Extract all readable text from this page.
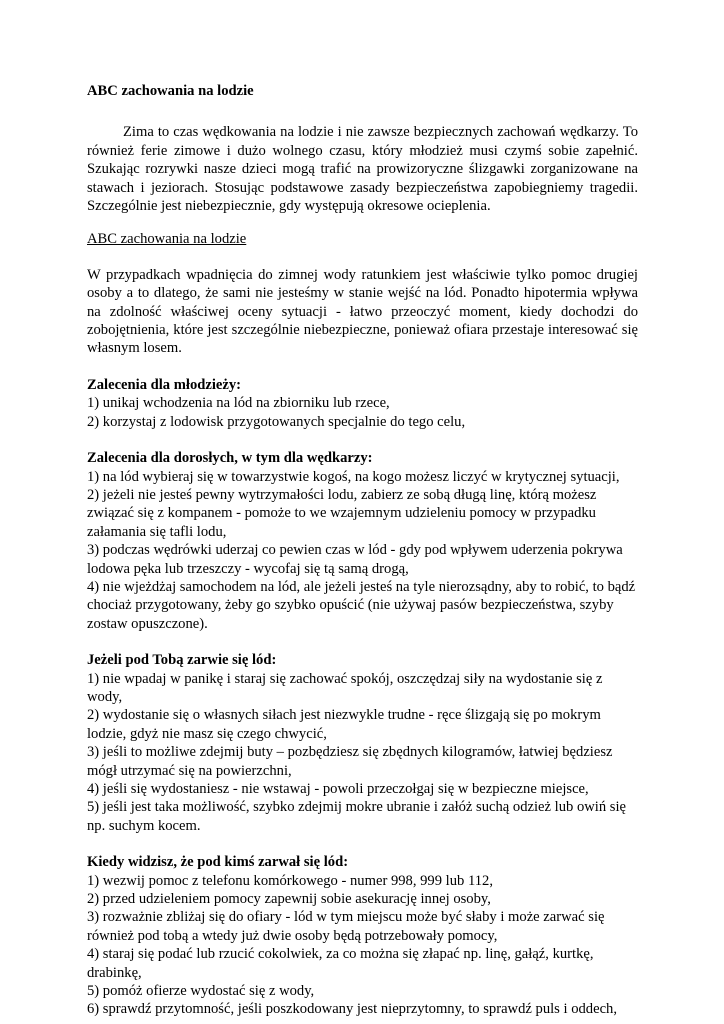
ABC zachowania na lodzie

Zima to czas wędkowania na lodzie i nie zawsze bezpiecznych zachowań wędkarzy. To również ferie zimowe i dużo wolnego czasu, który młodzież musi czymś sobie zapełnić. Szukając rozrywki nasze dzieci mogą trafić na prowizoryczne ślizgawki zorganizowane na stawach i jeziorach. Stosując podstawowe zasady bezpieczeństwa zapobiegniemy tragedii. Szczególnie jest niebezpiecznie, gdy występują okresowe ocieplenia.

ABC zachowania na lodzie

W przypadkach wpadnięcia do zimnej wody ratunkiem jest właściwie tylko pomoc drugiej osoby a to dlatego, że sami nie jesteśmy w stanie wejść na lód. Ponadto hipotermia wpływa na zdolność właściwej oceny sytuacji - łatwo przeoczyć moment, kiedy dochodzi do zobojętnienia, które jest szczególnie niebezpieczne, ponieważ ofiara przestaje interesować się własnym losem.

Zalecenia dla młodzieży:

1) unikaj wchodzenia na lód na zbiorniku lub rzece,

2) korzystaj z lodowisk przygotowanych specjalnie do tego celu,

Zalecenia dla dorosłych, w tym dla wędkarzy:

1) na lód wybieraj się w towarzystwie kogoś, na kogo możesz liczyć w krytycznej sytuacji,

2) jeżeli nie jesteś pewny wytrzymałości lodu, zabierz ze sobą długą linę, którą możesz

związać się z kompanem - pomoże to we wzajemnym udzieleniu pomocy w przypadku

załamania się tafli lodu,

3) podczas wędrówki uderzaj co pewien czas w lód - gdy pod wpływem uderzenia pokrywa

lodowa pęka lub trzeszczy - wycofaj się tą samą drogą,

4) nie wjeżdżaj samochodem na lód, ale jeżeli jesteś na tyle nierozsądny, aby to robić, to bądź

chociaż przygotowany, żeby go szybko opuścić (nie używaj pasów bezpieczeństwa, szyby

zostaw opuszczone).

Jeżeli pod Tobą zarwie się lód:

1) nie wpadaj w panikę i staraj się zachować spokój, oszczędzaj siły na wydostanie się z

wody,

2) wydostanie się o własnych siłach jest niezwykle trudne - ręce ślizgają się po mokrym

lodzie, gdyż nie masz się czego chwycić,

3) jeśli to możliwe zdejmij buty – pozbędziesz się zbędnych kilogramów, łatwiej będziesz

mógł utrzymać się na powierzchni,

4) jeśli się wydostaniesz - nie wstawaj - powoli przeczołgaj się w bezpieczne miejsce,

5) jeśli jest taka możliwość, szybko zdejmij mokre ubranie i załóż suchą odzież lub owiń się

np. suchym kocem.

Kiedy widzisz, że pod kimś zarwał się lód:

1) wezwij pomoc z telefonu komórkowego - numer 998, 999 lub 112,

2) przed udzieleniem pomocy zapewnij sobie asekurację innej osoby,

3) rozważnie zbliżaj się do ofiary - lód w tym miejscu może być słaby i może zarwać się

również pod tobą a wtedy już dwie osoby będą potrzebowały pomocy,

4) staraj się podać lub rzucić cokolwiek, za co można się złapać np. linę, gałąź, kurtkę,

drabinkę,

5) pomóż ofierze wydostać się z wody,

6) sprawdź przytomność, jeśli poszkodowany jest nieprzytomny, to sprawdź puls i oddech,
